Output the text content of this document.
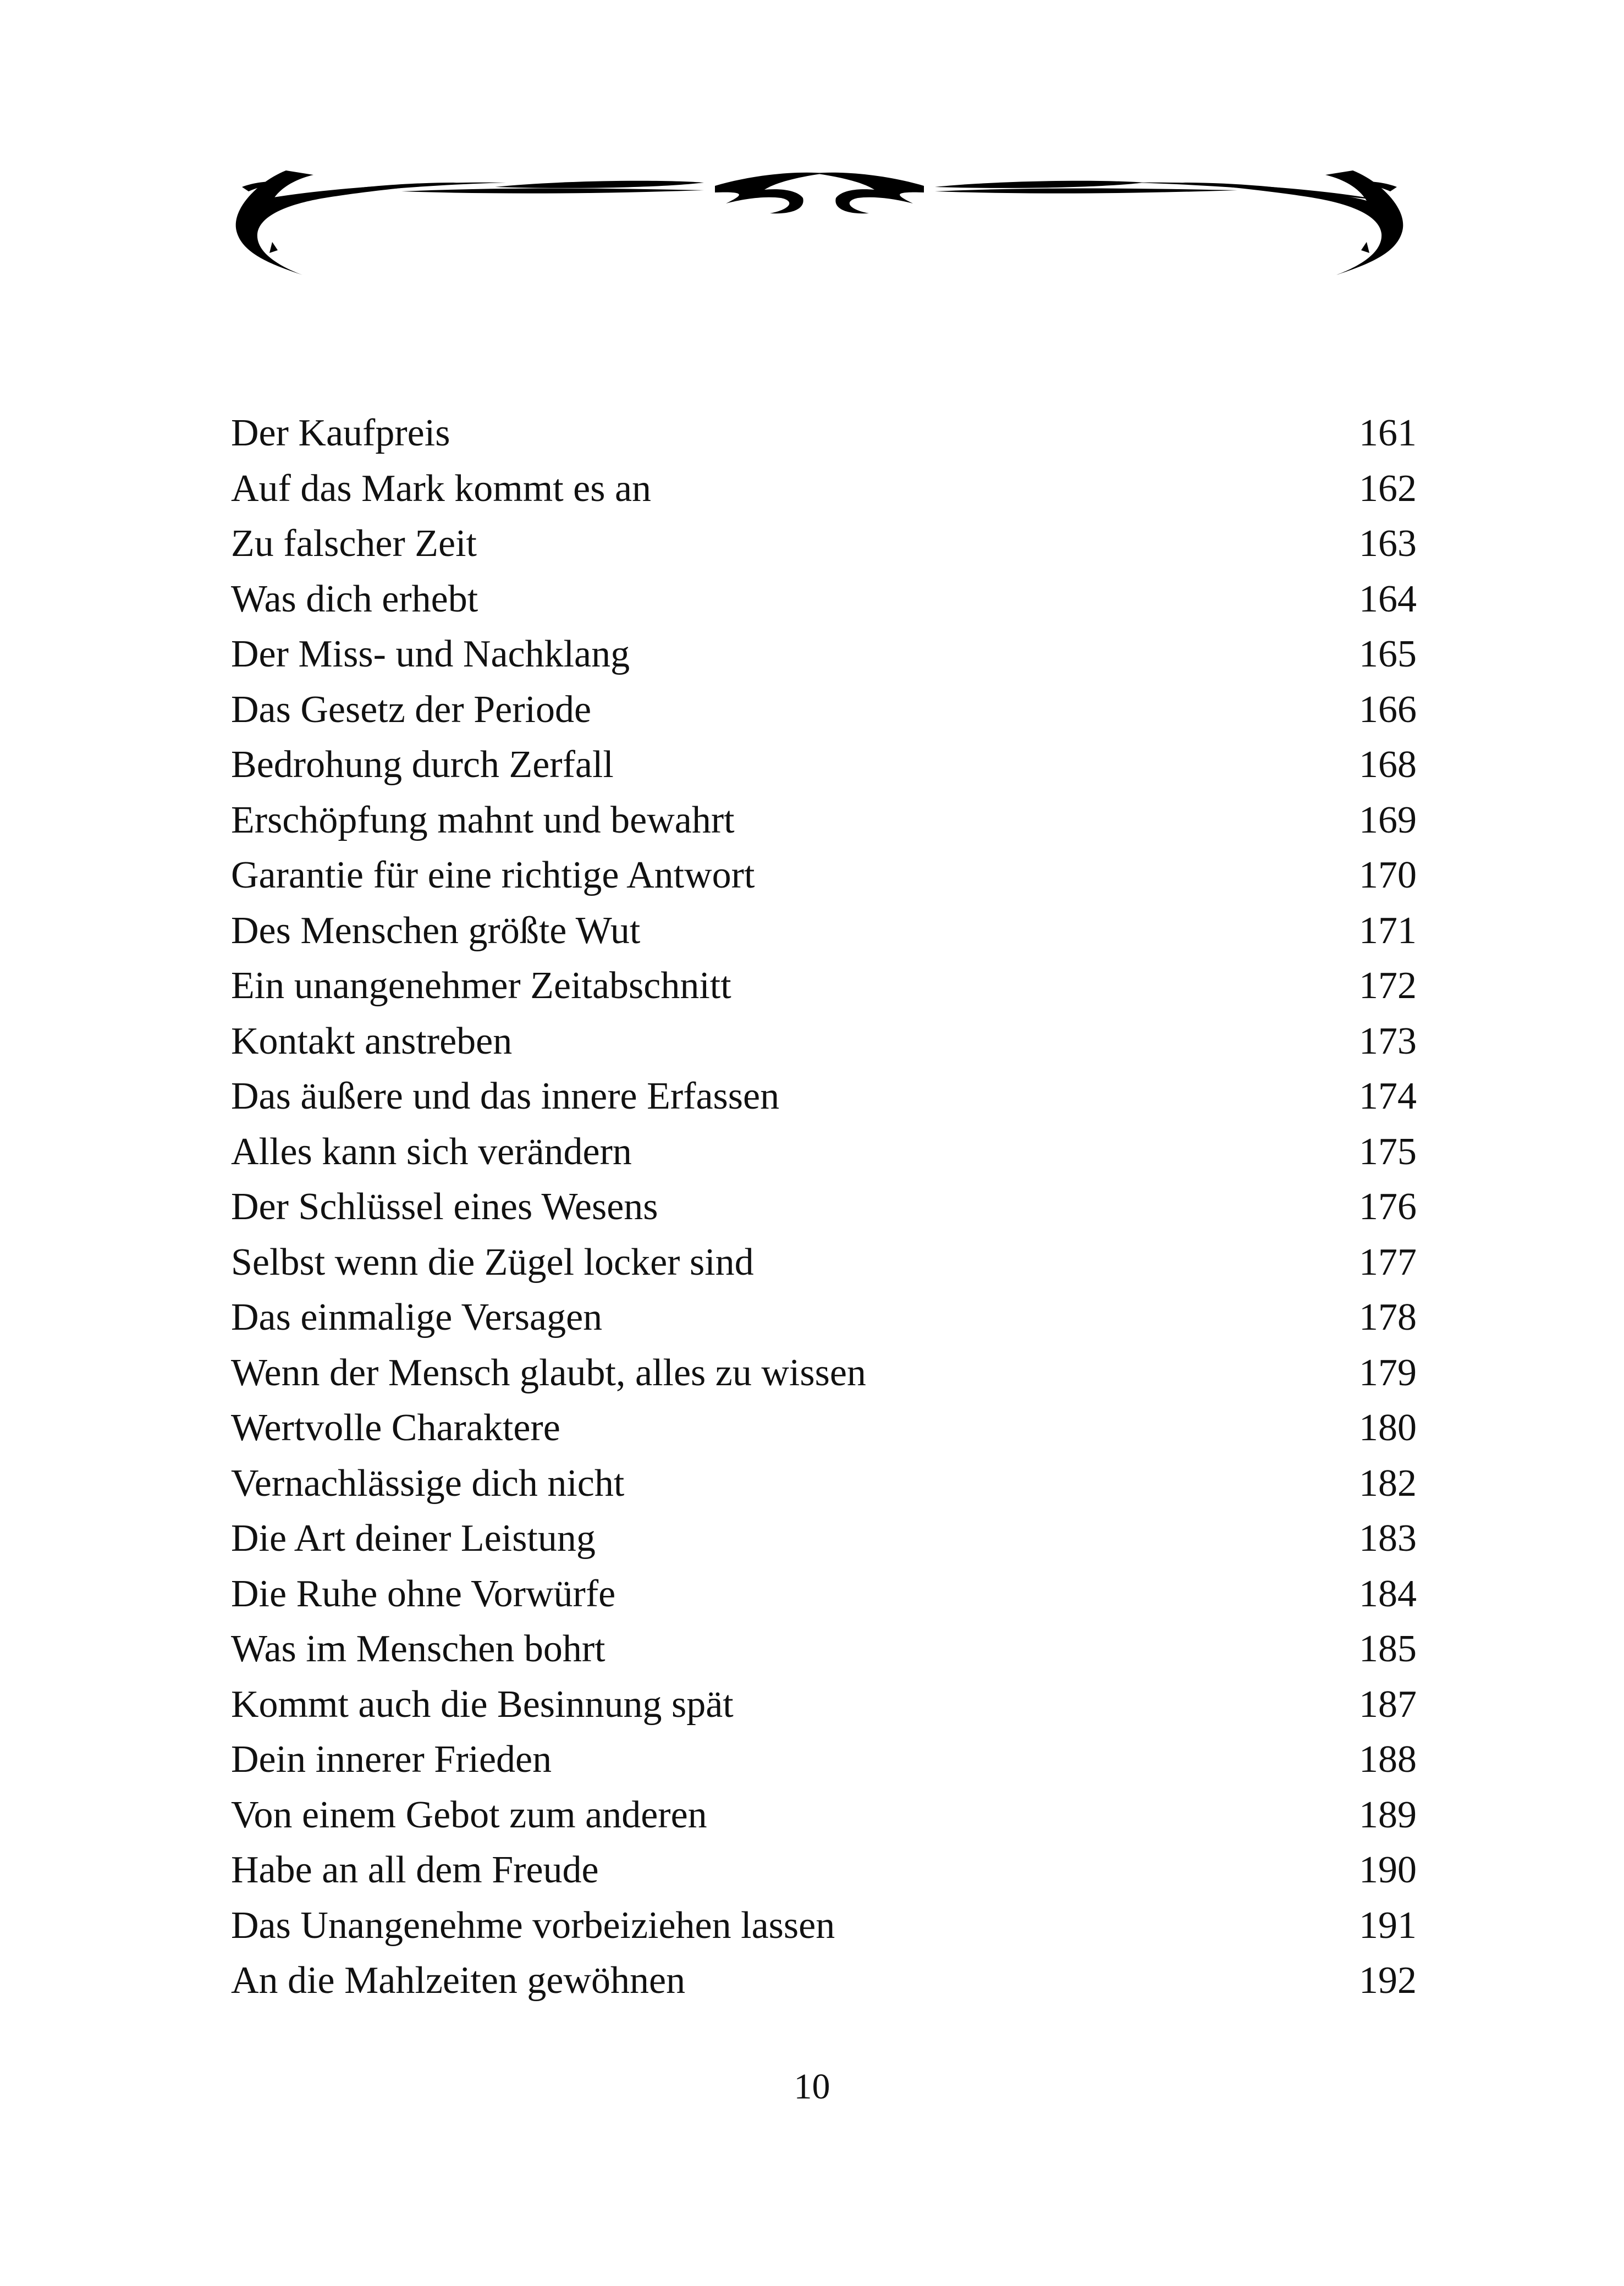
Der Kaufpreis	161
Auf das Mark kommt es an	162
Zu falscher Zeit	163
Was dich erhebt	164
Der Miss- und Nachklang	165
Das Gesetz der Periode	166
Bedrohung durch Zerfall	168
Erschöpfung mahnt und bewahrt	169
Garantie für eine richtige Antwort	170
Des Menschen größte Wut	171
Ein unangenehmer Zeitabschnitt	172
Kontakt anstreben	173
Das äußere und das innere Erfassen	174
Alles kann sich verändern	175
Der Schlüssel eines Wesens	176
Selbst wenn die Zügel locker sind	177
Das einmalige Versagen	178
Wenn der Mensch glaubt, alles zu wissen	179
Wertvolle Charaktere	180
Vernachlässige dich nicht	182
Die Art deiner Leistung	183
Die Ruhe ohne Vorwürfe	184
Was im Menschen bohrt	185
Kommt auch die Besinnung spät	187
Dein innerer Frieden	188
Von einem Gebot zum anderen	189
Habe an all dem Freude	190
Das Unangenehme vorbeiziehen lassen	191
An die Mahlzeiten gewöhnen	192
10
